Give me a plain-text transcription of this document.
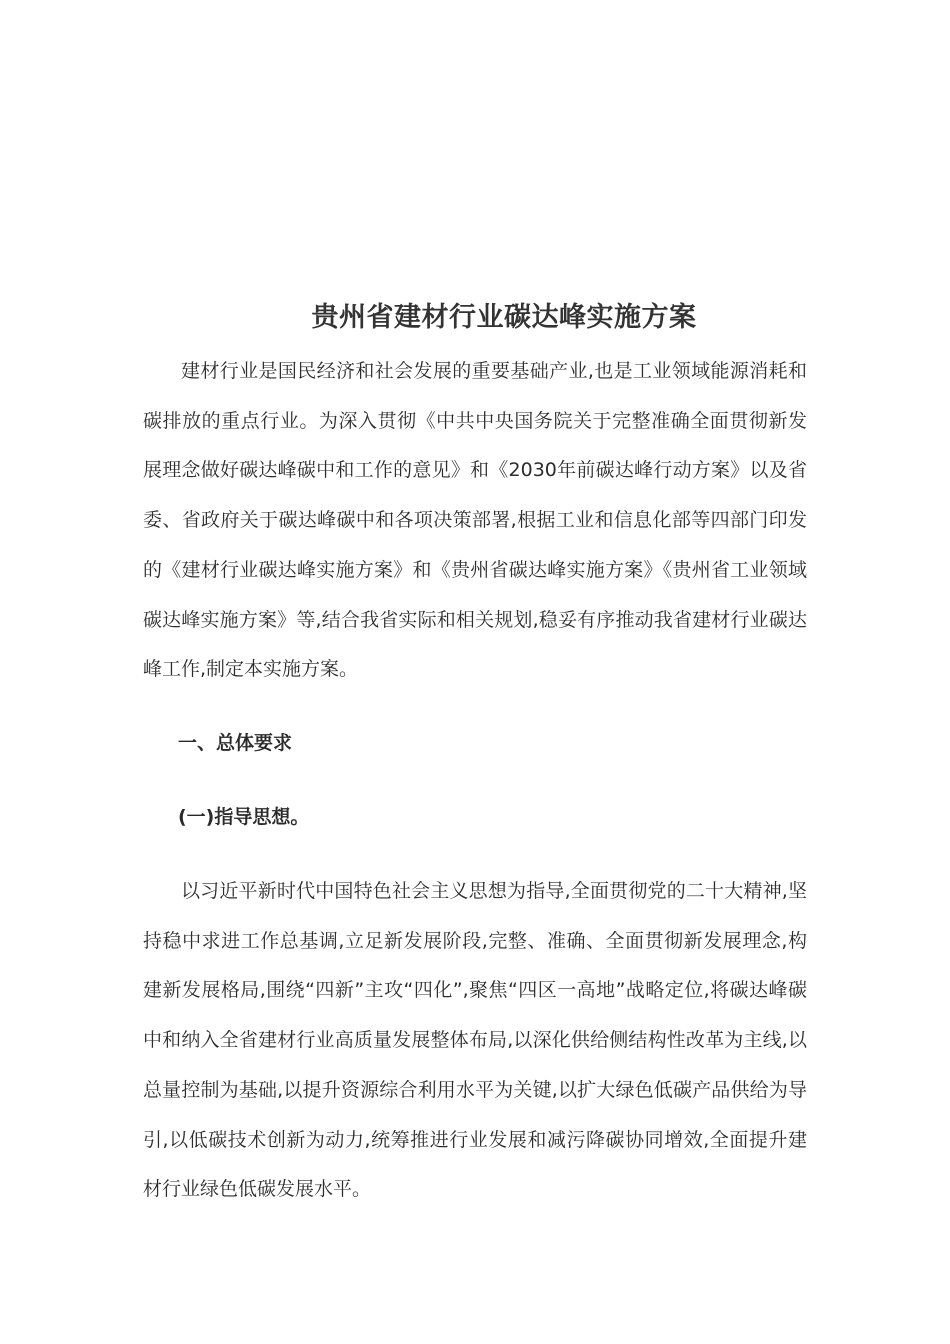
贵州省建材行业碳达峰实施方案

建材行业是国民经济和社会发展的重要基础产业,也是工业领域能源消耗和碳排放的重点行业。为深入贯彻《中共中央国务院关于完整准确全面贯彻新发展理念做好碳达峰碳中和工作的意见》和《2030年前碳达峰行动方案》以及省委、省政府关于碳达峰碳中和各项决策部署,根据工业和信息化部等四部门印发的《建材行业碳达峰实施方案》和《贵州省碳达峰实施方案》《贵州省工业领域碳达峰实施方案》等,结合我省实际和相关规划,稳妥有序推动我省建材行业碳达峰工作,制定本实施方案。

一、总体要求
(一)指导思想。

以习近平新时代中国特色社会主义思想为指导,全面贯彻党的二十大精神,坚持稳中求进工作总基调,立足新发展阶段,完整、准确、全面贯彻新发展理念,构建新发展格局,围绕“四新”主攻“四化”,聚焦“四区一高地”战略定位,将碳达峰碳中和纳入全省建材行业高质量发展整体布局,以深化供给侧结构性改革为主线,以总量控制为基础,以提升资源综合利用水平为关键,以扩大绿色低碳产品供给为导引,以低碳技术创新为动力,统筹推进行业发展和减污降碳协同增效,全面提升建材行业绿色低碳发展水平。
